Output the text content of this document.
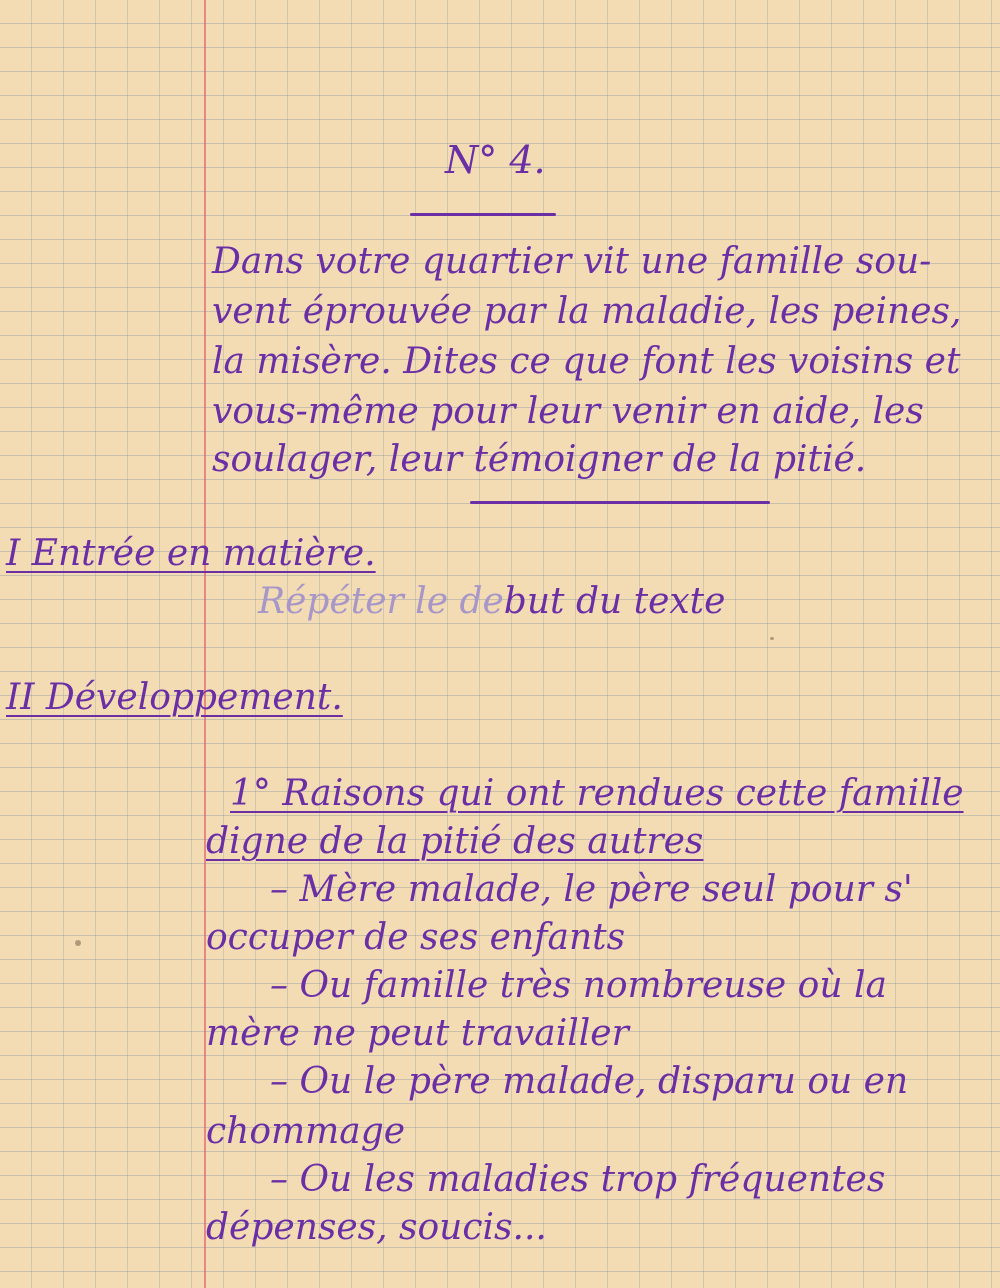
N° 4.

Dans votre quartier vit une famille sou-

vent éprouvée par la maladie, les peines,

la misère. Dites ce que font les voisins et

vous-même pour leur venir en aide, les

soulager, leur témoigner de la pitié.

I Entrée en matière.

Répéter le debut du texte

II Développement.

1° Raisons qui ont rendues cette famille

digne de la pitié des autres

– Mère malade, le père seul pour s'

occuper de ses enfants

– Ou famille très nombreuse où la

mère ne peut travailler

– Ou le père malade, disparu ou en

chommage

– Ou les maladies trop fréquentes

dépenses, soucis...
